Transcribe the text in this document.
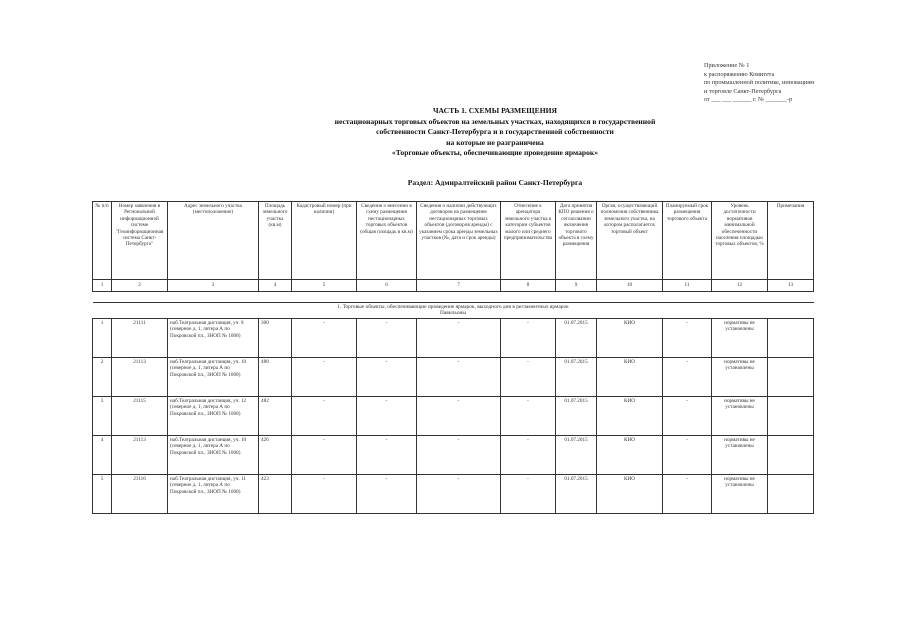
Приложение № 1
к распоряжению Комитета
по промышленной политике, инновациям
и торговле Санкт-Петербурга
от ___ ___ ______ г. № _______-р
ЧАСТЬ 1. СХЕМЫ РАЗМЕЩЕНИЯ
нестационарных торговых объектов на земельных участках, находящихся в государственной
собственности Санкт-Петербурга и в государственной собственности
на которые не разграничена
«Торговые объекты, обеспечивающие проведение ярмарок»
Раздел: Адмиралтейский район Санкт-Петербурга
№ п/п	Номер заявления в Региональной информационной системе "Геоинформационная система Санкт-Петербурга"	Адрес земельного участка (местоположение)	Площадь земельного участка (кв.м)	Кадастровый номер (при наличии)	Сведения о внесении в схему размещения нестационарных торговых объектов (общая площадь в кв.м)	Сведения о наличии действующих договоров на размещение нестационарных торговых объектов (договоров аренды) с указанием срока аренды земельных участков (№, дата и срок аренды)	Отнесение к арендатора земельного участка к категории субъектов малого или среднего предпринимательства	Дата принятия КПО решения о согласовании включения торгового объекта в схему размещения	Орган, осуществляющий полномочия собственника земельного участка, на котором располагается торговый объект	Планируемый срок размещения торгового объекта	Уровень достаточности нормативов минимальной обеспеченности населения площадью торговых объектов, %	Примечания
1	2	3	4	5	6	7	8	9	10	11	12	13

1. Торговые объекты, обеспечивающие проведение ярмарок, выходного дня в регламентных ярмарок
Павильоны												

1	21111	наб.Театральная дистанция, уч. 8 (северное д. 1, литера А по Покровской пл., ЗНОП № 1008)	300	-	-	-	-	01.07.2015	КИО	-	нормативы не установлены	
2	21113	наб.Театральная дистанция, уч. 10 (северное д. 1, литера А по Покровской пл., ЗНОП № 1008)	488	-	-	-	-	01.07.2015	КИО	-	нормативы не установлены	
3	21115	наб.Театральная дистанция, уч. 12 (северное д. 1, литера А по Покровской пл., ЗНОП № 1008)	482	-	-	-	-	01.07.2015	КИО	-	нормативы не установлены	
4	21113	наб.Театральная дистанция, уч. 10 (северное д. 1, литера А по Покровской пл., ЗНОП № 1008)	426	-	-	-	-	01.07.2015	КИО	-	нормативы не установлены	
5	21116	наб.Театральная дистанция, уч. 11 (северное д. 1, литера А по Покровской пл., ЗНОП № 1008)	423	-	-	-	-	01.07.2015	КИО	-	нормативы не установлены	
